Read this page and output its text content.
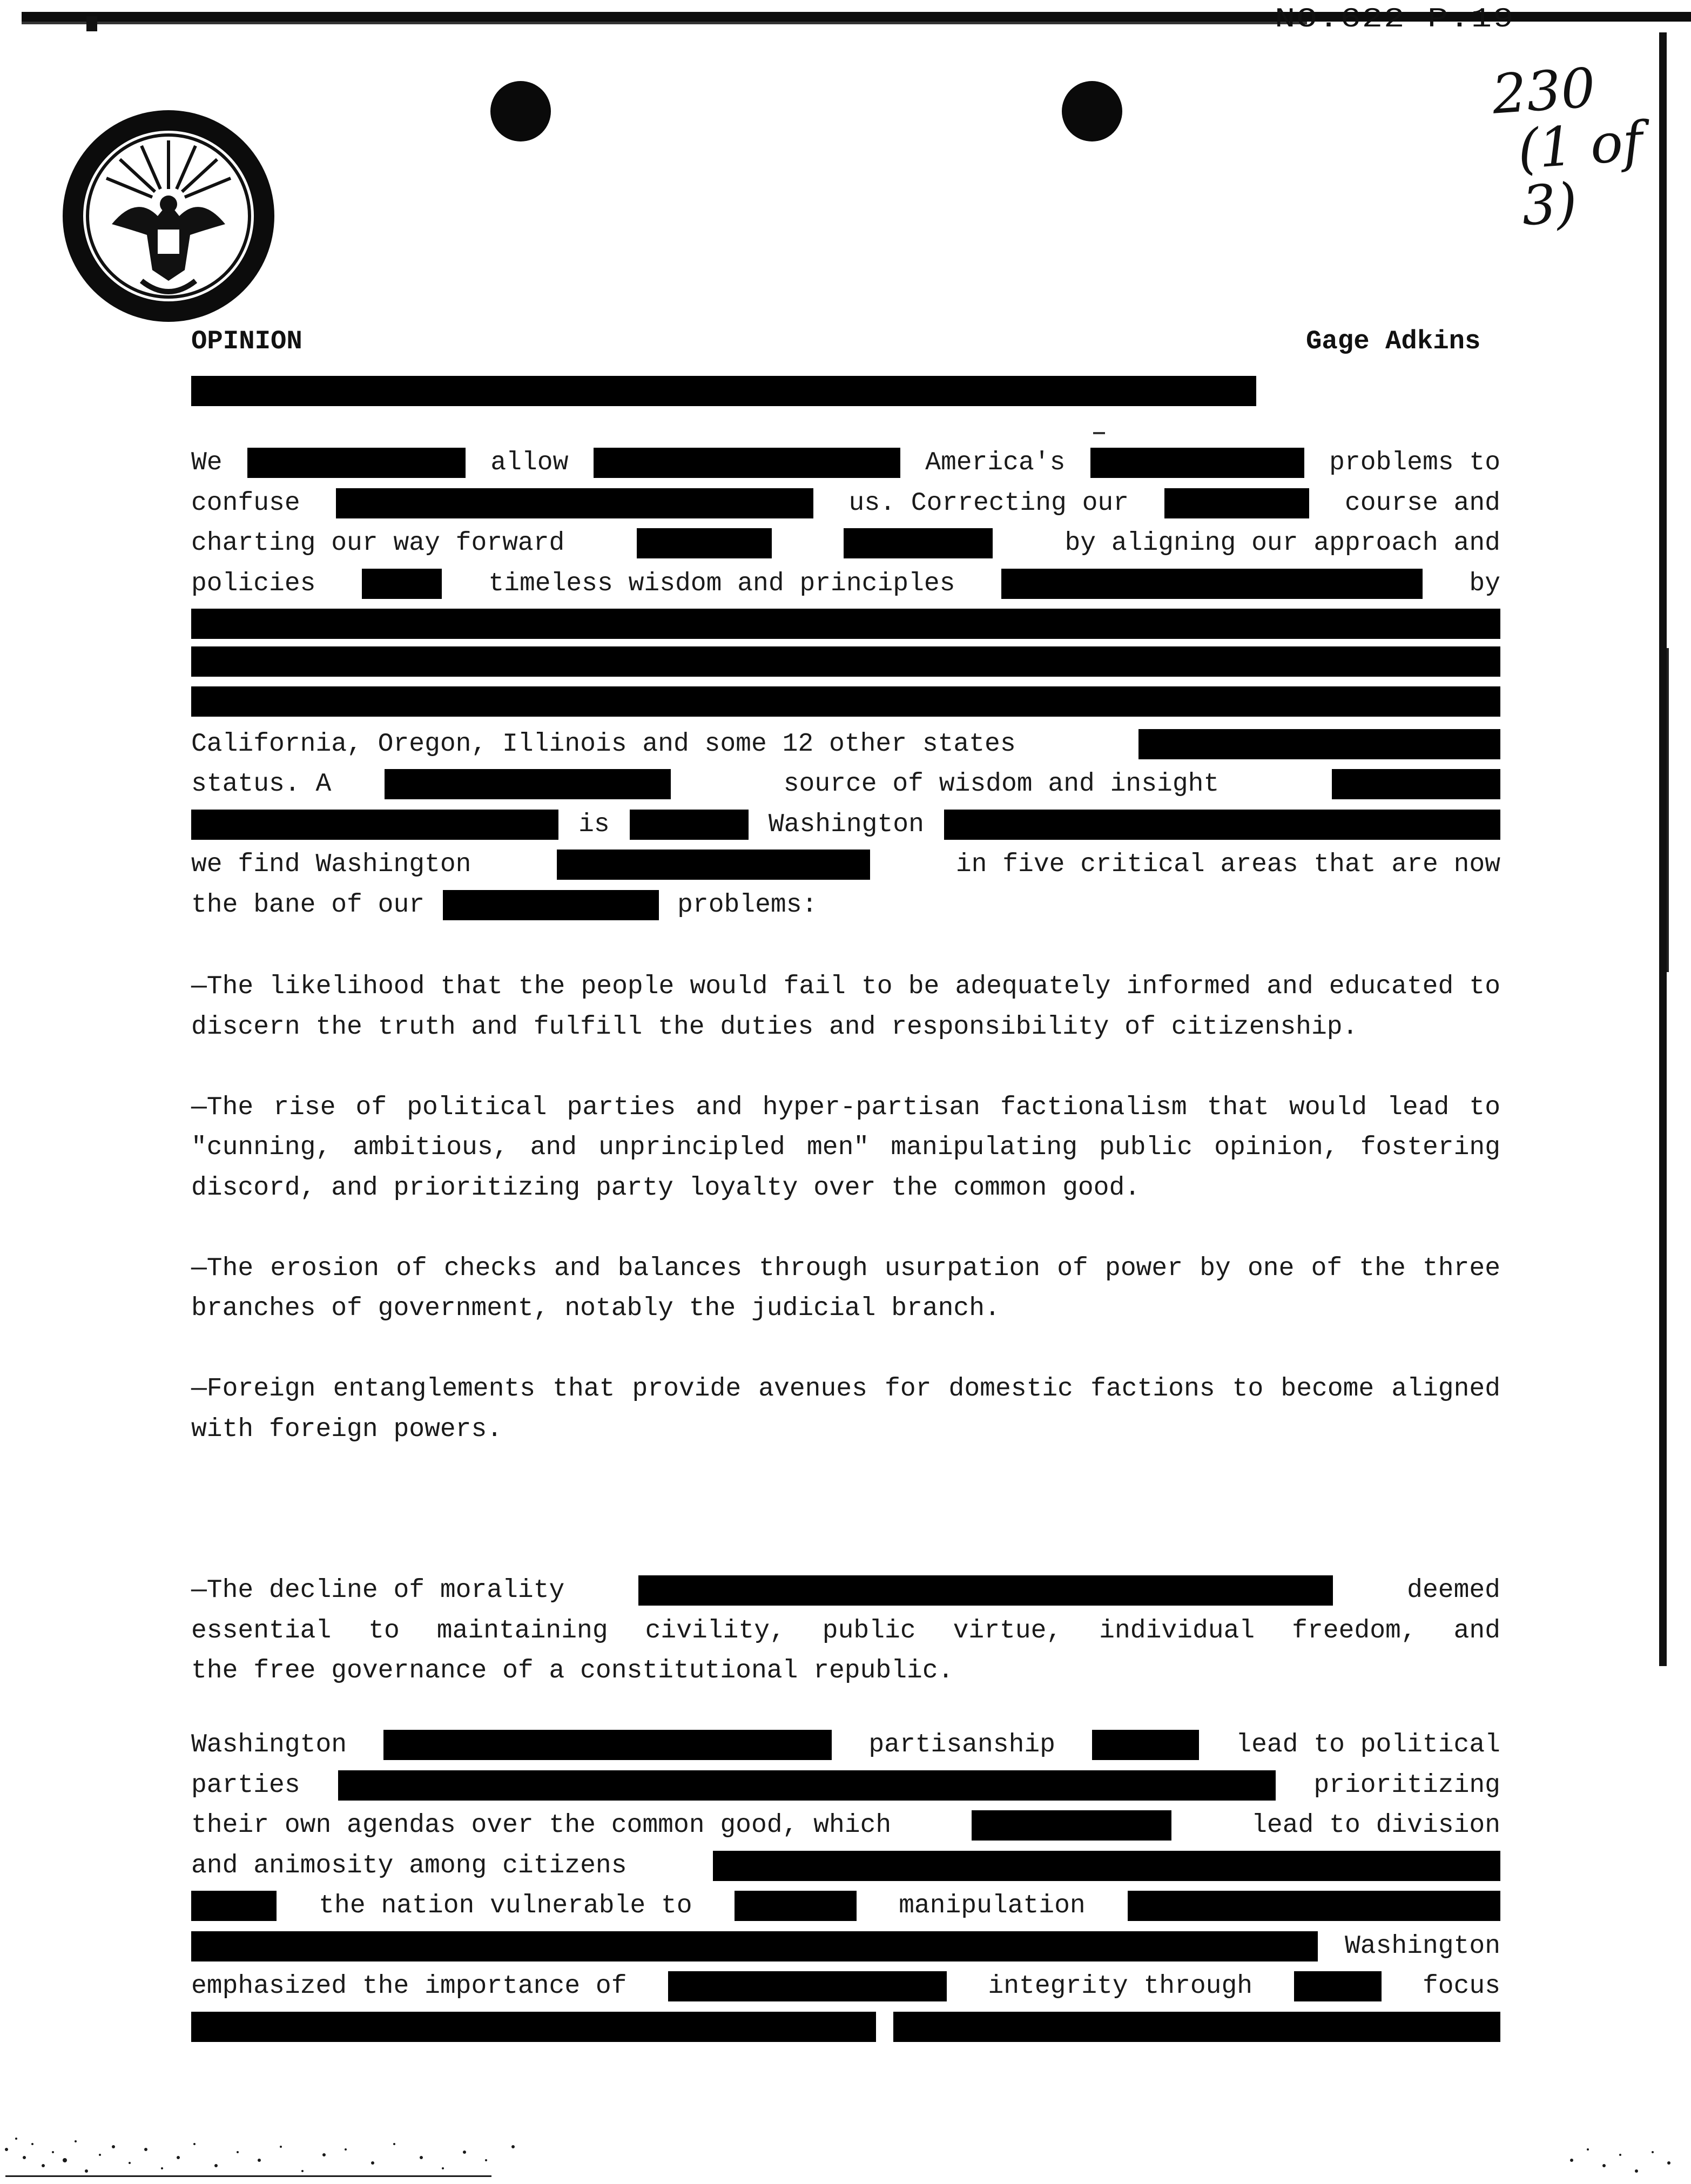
NO.622 P.19
230
(1 of 3)
OPINION	Gage Adkins
We	allow	America's	problems to
confuse	us. Correcting our	course and
charting our way forward	by aligning our approach and
policies	timeless wisdom and principles	by
California, Oregon, Illinois and some 12 other states
status. A	source of wisdom and insight
is	Washington
we find Washington	in five critical areas that are now
the bane of our	problems:

—The likelihood that the people would fail to be adequately informed and educated to discern the truth and fulfill the duties and responsibility of citizenship.

—The rise of political parties and hyper-partisan factionalism that would lead to "cunning, ambitious, and unprincipled men" manipulating public opinion, fostering discord, and prioritizing party loyalty over the common good.

—The erosion of checks and balances through usurpation of power by one of the three branches of government, notably the judicial branch.

—Foreign entanglements that provide avenues for domestic factions to become aligned with foreign powers.

—The decline of morality	deemed

essential to maintaining civility, public virtue, individual freedom, and

the free governance of a constitutional republic.

Washington	partisanship	lead to political
parties	prioritizing
their own agendas over the common good, which	lead to division
and animosity among citizens
the nation vulnerable to	manipulation
Washington
emphasized the importance of	integrity through	focus
